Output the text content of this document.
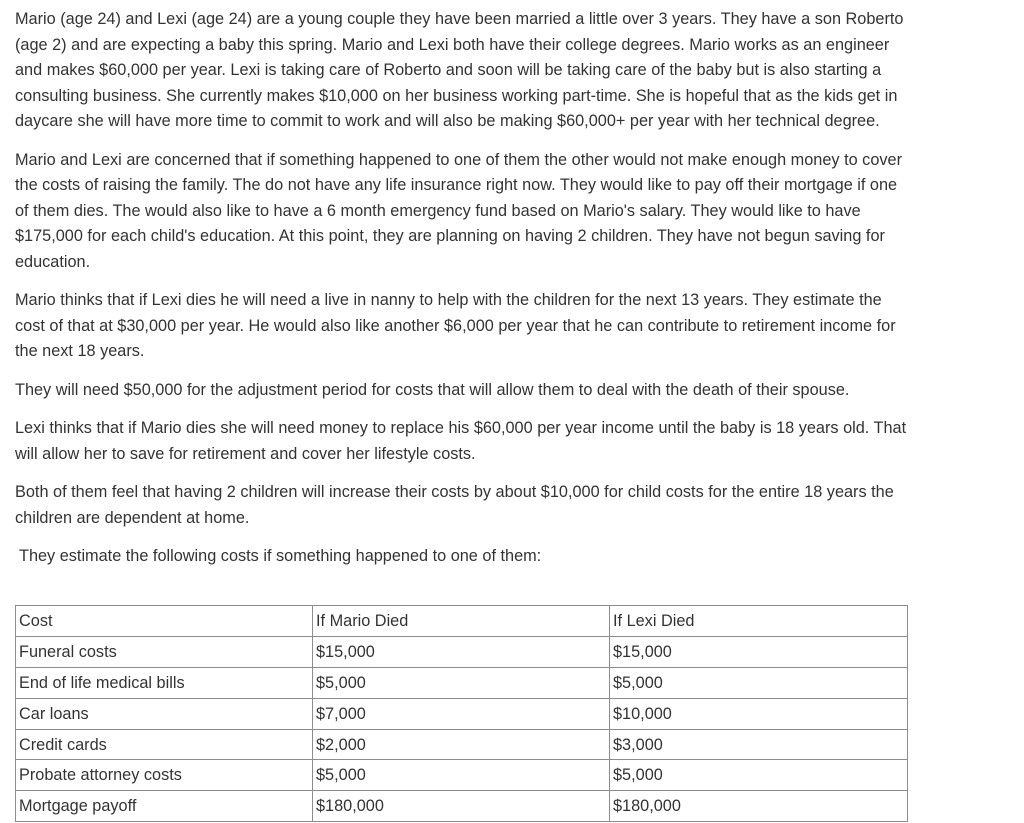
Mario (age 24) and Lexi (age 24) are a young couple they have been married a little over 3 years. They have a son Roberto (age 2) and are expecting a baby this spring. Mario and Lexi both have their college degrees. Mario works as an engineer and makes $60,000 per year. Lexi is taking care of Roberto and soon will be taking care of the baby but is also starting a consulting business. She currently makes $10,000 on her business working part-time. She is hopeful that as the kids get in daycare she will have more time to commit to work and will also be making $60,000+ per year with her technical degree.

Mario and Lexi are concerned that if something happened to one of them the other would not make enough money to cover the costs of raising the family. The do not have any life insurance right now. They would like to pay off their mortgage if one of them dies. The would also like to have a 6 month emergency fund based on Mario's salary. They would like to have $175,000 for each child's education. At this point, they are planning on having 2 children. They have not begun saving for education.

Mario thinks that if Lexi dies he will need a live in nanny to help with the children for the next 13 years. They estimate the cost of that at $30,000 per year. He would also like another $6,000 per year that he can contribute to retirement income for the next 18 years.

They will need $50,000 for the adjustment period for costs that will allow them to deal with the death of their spouse.

Lexi thinks that if Mario dies she will need money to replace his $60,000 per year income until the baby is 18 years old. That will allow her to save for retirement and cover her lifestyle costs.

Both of them feel that having 2 children will increase their costs by about $10,000 for child costs for the entire 18 years the children are dependent at home.

They estimate the following costs if something happened to one of them:

Cost	If Mario Died	If Lexi Died
Funeral costs	$15,000	$15,000
End of life medical bills	$5,000	$5,000
Car loans	$7,000	$10,000
Credit cards	$2,000	$3,000
Probate attorney costs	$5,000	$5,000
Mortgage payoff	$180,000	$180,000
